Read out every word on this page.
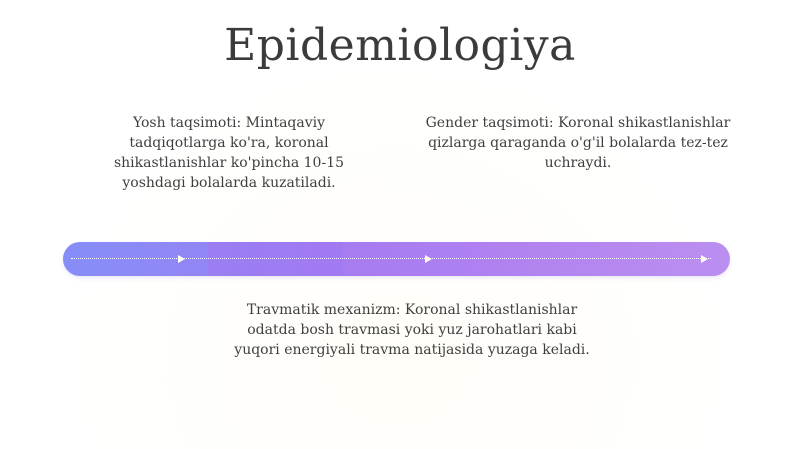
Epidemiologiya
Yosh taqsimoti: Mintaqaviy tadqiqotlarga ko'ra, koronal shikastlanishlar ko'pincha 10-15 yoshdagi bolalarda kuzatiladi.
Gender taqsimoti: Koronal shikastlanishlar qizlarga qaraganda o'g'il bolalarda tez-tez uchraydi.
Travmatik mexanizm: Koronal shikastlanishlar odatda bosh travmasi yoki yuz jarohatlari kabi yuqori energiyali travma natijasida yuzaga keladi.
